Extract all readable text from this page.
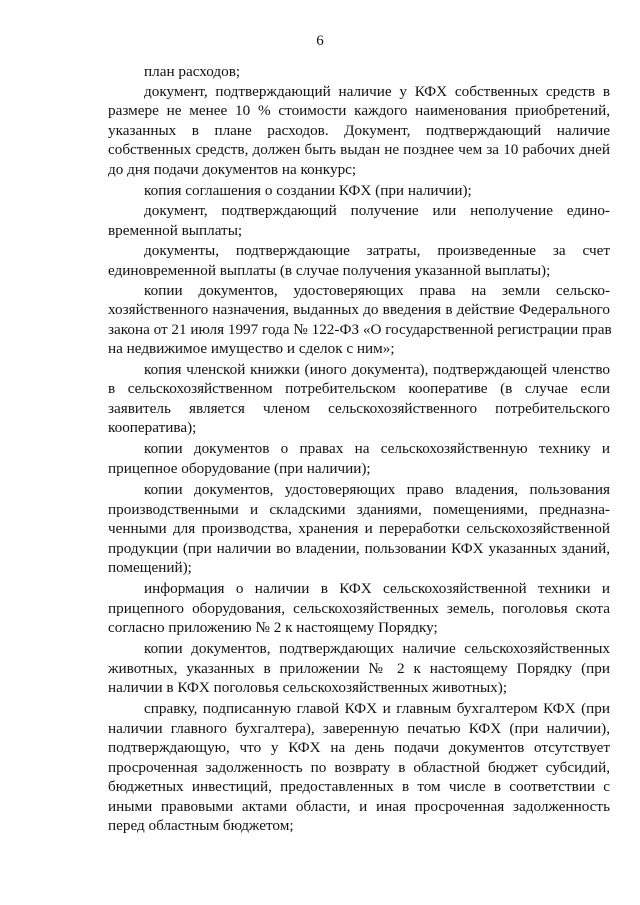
6
план расходов;
документ, подтверждающий наличие у КФХ собственных средств в
размере не менее 10 % стоимости каждого наименования приобретений,
указанных в плане расходов. Документ, подтверждающий наличие
собственных средств, должен быть выдан не позднее чем за 10 рабочих дней
до дня подачи документов на конкурс;
копия соглашения о создании КФХ (при наличии);
документ, подтверждающий получение или неполучение едино-
временной выплаты;
документы, подтверждающие затраты, произведенные за счет
единовременной выплаты (в случае получения указанной выплаты);
копии документов, удостоверяющих права на земли сельско-
хозяйственного назначения, выданных до введения в действие Федерального
закона от 21 июля 1997 года № 122-ФЗ «О государственной регистрации прав
на недвижимое имущество и сделок с ним»;
копия членской книжки (иного документа), подтверждающей членство
в сельскохозяйственном потребительском кооперативе (в случае если
заявитель является членом сельскохозяйственного потребительского
кооператива);
копии документов о правах на сельскохозяйственную технику и
прицепное оборудование (при наличии);
копии документов, удостоверяющих право владения, пользования
производственными и складскими зданиями, помещениями, предназна-
ченными для производства, хранения и переработки сельскохозяйственной
продукции (при наличии во владении, пользовании КФХ указанных зданий,
помещений);
информация о наличии в КФХ сельскохозяйственной техники и
прицепного оборудования, сельскохозяйственных земель, поголовья скота
согласно приложению № 2 к настоящему Порядку;
копии документов, подтверждающих наличие сельскохозяйственных
животных, указанных в приложении № 2 к настоящему Порядку (при
наличии в КФХ поголовья сельскохозяйственных животных);
справку, подписанную главой КФХ и главным бухгалтером КФХ (при
наличии главного бухгалтера), заверенную печатью КФХ (при наличии),
подтверждающую, что у КФХ на день подачи документов отсутствует
просроченная задолженность по возврату в областной бюджет субсидий,
бюджетных инвестиций, предоставленных в том числе в соответствии с
иными правовыми актами области, и иная просроченная задолженность
перед областным бюджетом;
